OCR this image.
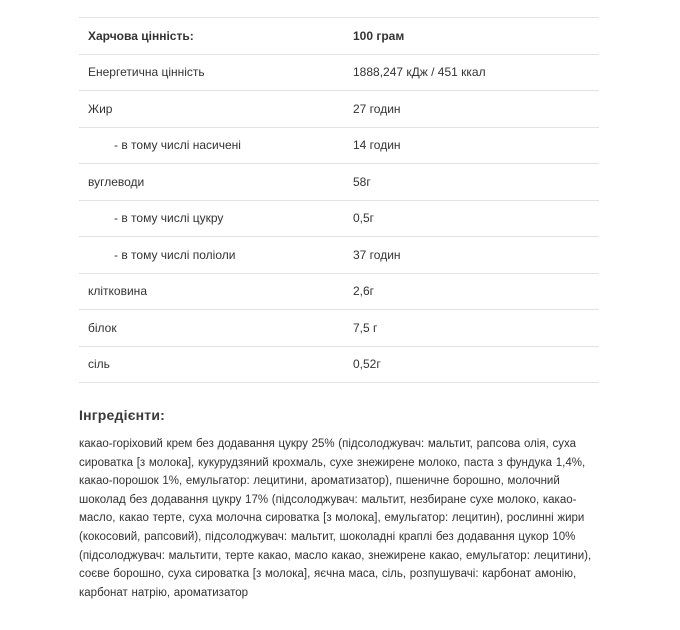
Харчова цінність:	100 грам
Енергетична цінність	1888,247 кДж / 451 ккал
Жир	27 годин
- в тому числі насичені	14 годин
вуглеводи	58г
- в тому числі цукру	0,5г
- в тому числі поліоли	37 годин
клітковина	2,6г
білок	7,5 г
сіль	0,52г
Інгредієнти:

какао-горіховий крем без додавання цукру 25% (підсолоджувач: мальтит, рапсова олія, суха сироватка [з молока], кукурудзяний крохмаль, сухе знежирене молоко, паста з фундука 1,4%, какао-порошок 1%, емульгатор: лецитини, ароматизатор), пшеничне борошно, молочний шоколад без додавання цукру 17% (підсолоджувач: мальтит, незбиране сухе молоко, какао-масло, какао терте, суха молочна сироватка [з молока], емульгатор: лецитин), рослинні жири (кокосовий, рапсовий), підсолоджувач: мальтит, шоколадні краплі без додавання цукор 10% (підсолоджувач: мальтити, терте какао, масло какао, знежирене какао, емульгатор: лецитини), соєве борошно, суха сироватка [з молока], яєчна маса, сіль, розпушувачі: карбонат амонію, карбонат натрію, ароматизатор
